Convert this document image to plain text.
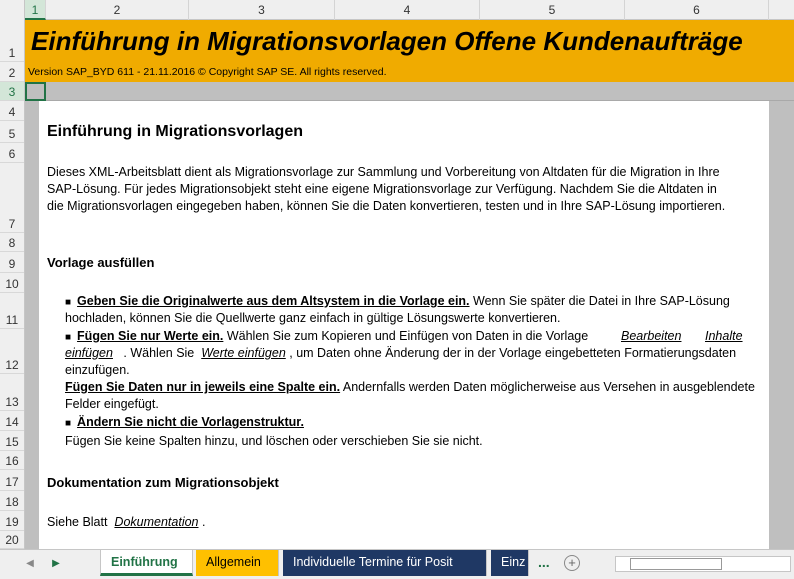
1	2	3	4	5	6
1
2
3
4
5
6
7
8
9
10
11
12
13
14
15
16
17
18
19
20
Einführung in Migrationsvorlagen Offene Kundenaufträge
Version SAP_BYD 611 - 21.11.2016 © Copyright SAP SE. All rights reserved.
Einführung in Migrationsvorlagen
Dieses XML-Arbeitsblatt dient als Migrationsvorlage zur Sammlung und Vorbereitung von Altdaten für die Migration in Ihre
SAP-Lösung. Für jedes Migrationsobjekt steht eine eigene Migrationsvorlage zur Verfügung. Nachdem Sie die Altdaten in
die Migrationsvorlagen eingegeben haben, können Sie die Daten konvertieren, testen und in Ihre SAP-Lösung importieren.
Vorlage ausfüllen
■ Geben Sie die Originalwerte aus dem Altsystem in die Vorlage ein. Wenn Sie später die Datei in Ihre SAP-Lösung
hochladen, können Sie die Quellwerte ganz einfach in gültige Lösungswerte konvertieren.
■ Fügen Sie nur Werte ein. Wählen Sie zum Kopieren und Einfügen von Daten in die Vorlage	Bearbeiten Inhalte
einfügen . Wählen Sie Werte einfügen , um Daten ohne Änderung der in der Vorlage eingebetteten Formatierungsdaten
einzufügen.
Fügen Sie Daten nur in jeweils eine Spalte ein. Andernfalls werden Daten möglicherweise aus Versehen in ausgeblendete
Felder eingefügt.
■ Ändern Sie nicht die Vorlagenstruktur.
Fügen Sie keine Spalten hinzu, und löschen oder verschieben Sie sie nicht.
Dokumentation zum Migrationsobjekt
Siehe Blatt Dokumentation .
◀	▶	Einführung	Allgemein	Individuelle Termine für Posit	Einz ...	+
